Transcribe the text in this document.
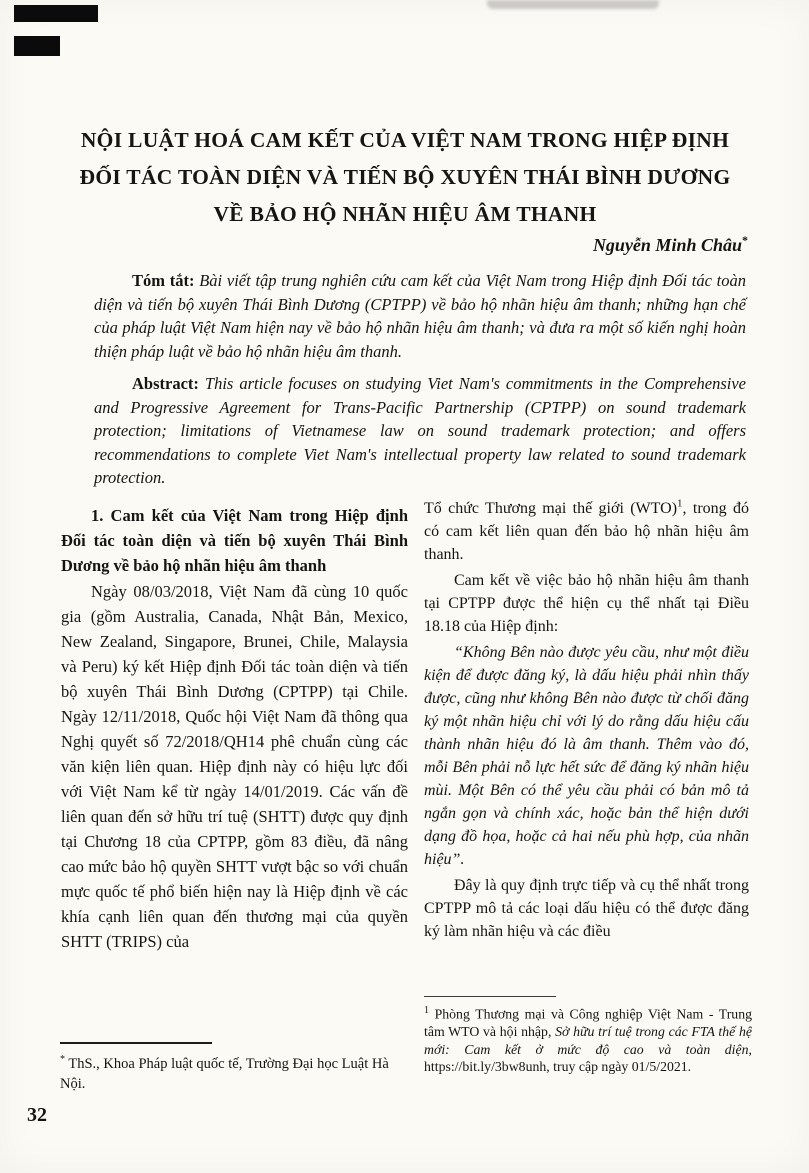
NỘI LUẬT HOÁ CAM KẾT CỦA VIỆT NAM TRONG HIỆP ĐỊNH ĐỐI TÁC TOÀN DIỆN VÀ TIẾN BỘ XUYÊN THÁI BÌNH DƯƠNG VỀ BẢO HỘ NHÃN HIỆU ÂM THANH
Nguyễn Minh Châu*

Tóm tắt: Bài viết tập trung nghiên cứu cam kết của Việt Nam trong Hiệp định Đối tác toàn diện và tiến bộ xuyên Thái Bình Dương (CPTPP) về bảo hộ nhãn hiệu âm thanh; những hạn chế của pháp luật Việt Nam hiện nay về bảo hộ nhãn hiệu âm thanh; và đưa ra một số kiến nghị hoàn thiện pháp luật về bảo hộ nhãn hiệu âm thanh.

Abstract: This article focuses on studying Viet Nam's commitments in the Comprehensive and Progressive Agreement for Trans-Pacific Partnership (CPTPP) on sound trademark protection; limitations of Vietnamese law on sound trademark protection; and offers recommendations to complete Viet Nam's intellectual property law related to sound trademark protection.

1. Cam kết của Việt Nam trong Hiệp định Đối tác toàn diện và tiến bộ xuyên Thái Bình Dương về bảo hộ nhãn hiệu âm thanh

Ngày 08/03/2018, Việt Nam đã cùng 10 quốc gia (gồm Australia, Canada, Nhật Bản, Mexico, New Zealand, Singapore, Brunei, Chile, Malaysia và Peru) ký kết Hiệp định Đối tác toàn diện và tiến bộ xuyên Thái Bình Dương (CPTPP) tại Chile. Ngày 12/11/2018, Quốc hội Việt Nam đã thông qua Nghị quyết số 72/2018/QH14 phê chuẩn cùng các văn kiện liên quan. Hiệp định này có hiệu lực đối với Việt Nam kể từ ngày 14/01/2019. Các vấn đề liên quan đến sở hữu trí tuệ (SHTT) được quy định tại Chương 18 của CPTPP, gồm 83 điều, đã nâng cao mức bảo hộ quyền SHTT vượt bậc so với chuẩn mực quốc tế phổ biến hiện nay là Hiệp định về các khía cạnh liên quan đến thương mại của quyền SHTT (TRIPS) của

Tổ chức Thương mại thế giới (WTO)$^1$, trong đó có cam kết liên quan đến bảo hộ nhãn hiệu âm thanh.

Cam kết về việc bảo hộ nhãn hiệu âm thanh tại CPTPP được thể hiện cụ thể nhất tại Điều 18.18 của Hiệp định:

“Không Bên nào được yêu cầu, như một điều kiện để được đăng ký, là dấu hiệu phải nhìn thấy được, cũng như không Bên nào được từ chối đăng ký một nhãn hiệu chỉ với lý do rằng dấu hiệu cấu thành nhãn hiệu đó là âm thanh. Thêm vào đó, mỗi Bên phải nỗ lực hết sức để đăng ký nhãn hiệu mùi. Một Bên có thể yêu cầu phải có bản mô tả ngắn gọn và chính xác, hoặc bản thể hiện dưới dạng đồ họa, hoặc cả hai nếu phù hợp, của nhãn hiệu”.

Đây là quy định trực tiếp và cụ thể nhất trong CPTPP mô tả các loại dấu hiệu có thể được đăng ký làm nhãn hiệu và các điều

* ThS., Khoa Pháp luật quốc tế, Trường Đại học Luật Hà Nội.
$^1$ Phòng Thương mại và Công nghiệp Việt Nam - Trung tâm WTO và hội nhập, Sở hữu trí tuệ trong các FTA thế hệ mới: Cam kết ở mức độ cao và toàn diện, https://bit.ly/3bw8unh, truy cập ngày 01/5/2021.
32
